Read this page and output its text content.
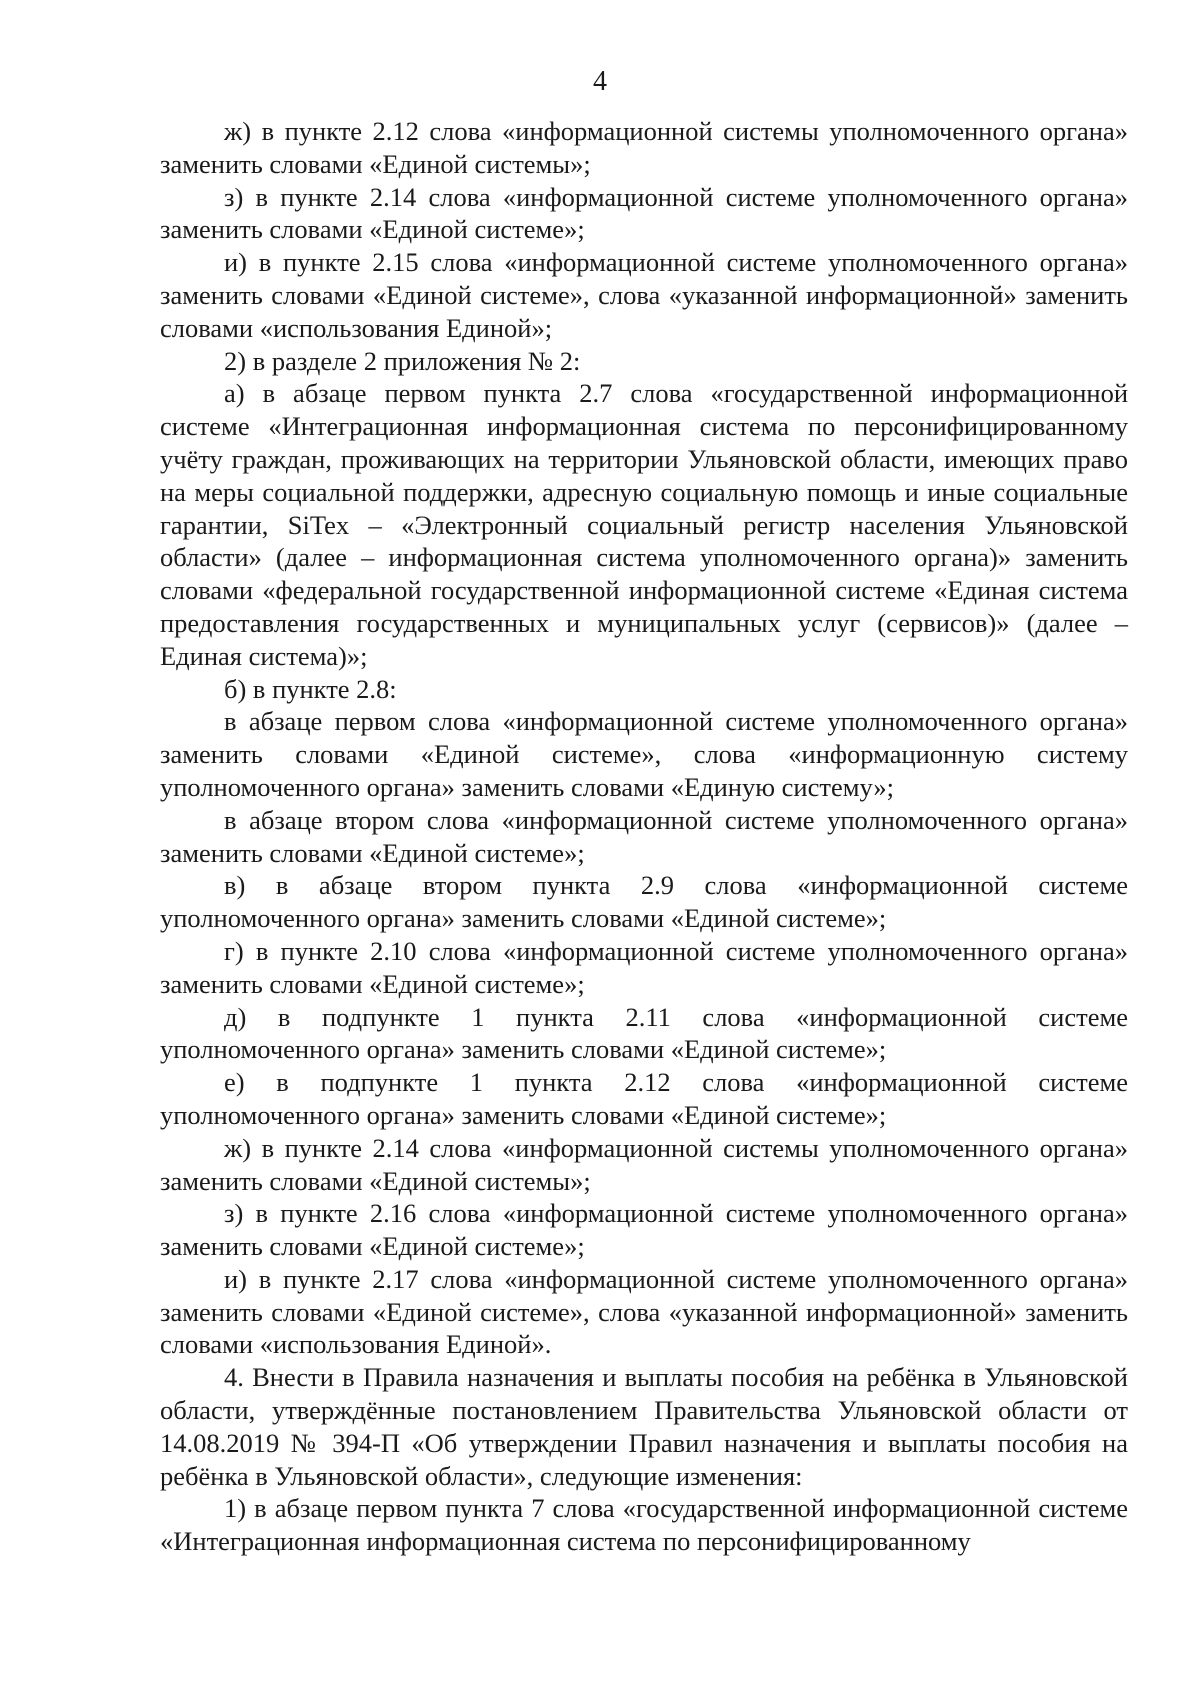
4

ж) в пункте 2.12 слова «информационной системы уполномоченного органа» заменить словами «Единой системы»;

з) в пункте 2.14 слова «информационной системе уполномоченного органа» заменить словами «Единой системе»;

и) в пункте 2.15 слова «информационной системе уполномоченного органа» заменить словами «Единой системе», слова «указанной информационной» заменить словами «использования Единой»;

2) в разделе 2 приложения № 2:

а) в абзаце первом пункта 2.7 слова «государственной информационной системе «Интеграционная информационная система по персонифицированному учёту граждан, проживающих на территории Ульяновской области, имеющих право на меры социальной поддержки, адресную социальную помощь и иные социальные гарантии, SiTex – «Электронный социальный регистр населения Ульяновской области» (далее – информационная система уполномоченного органа)» заменить словами «федеральной государственной информационной системе «Единая система предоставления государственных и муниципальных услуг (сервисов)» (далее – Единая система)»;

б) в пункте 2.8:

в абзаце первом слова «информационной системе уполномоченного органа» заменить словами «Единой системе», слова «информационную систему уполномоченного органа» заменить словами «Единую систему»;

в абзаце втором слова «информационной системе уполномоченного органа» заменить словами «Единой системе»;

в) в абзаце втором пункта 2.9 слова «информационной системе уполномоченного органа» заменить словами «Единой системе»;

г) в пункте 2.10 слова «информационной системе уполномоченного органа» заменить словами «Единой системе»;

д) в подпункте 1 пункта 2.11 слова «информационной системе уполномоченного органа» заменить словами «Единой системе»;

е) в подпункте 1 пункта 2.12 слова «информационной системе уполномоченного органа» заменить словами «Единой системе»;

ж) в пункте 2.14 слова «информационной системы уполномоченного органа» заменить словами «Единой системы»;

з) в пункте 2.16 слова «информационной системе уполномоченного органа» заменить словами «Единой системе»;

и) в пункте 2.17 слова «информационной системе уполномоченного органа» заменить словами «Единой системе», слова «указанной информационной» заменить словами «использования Единой».

4. Внести в Правила назначения и выплаты пособия на ребёнка в Ульяновской области, утверждённые постановлением Правительства Ульяновской области от 14.08.2019 № 394-П «Об утверждении Правил назначения и выплаты пособия на ребёнка в Ульяновской области», следующие изменения:

1) в абзаце первом пункта 7 слова «государственной информационной системе «Интеграционная информационная система по персонифицированному
